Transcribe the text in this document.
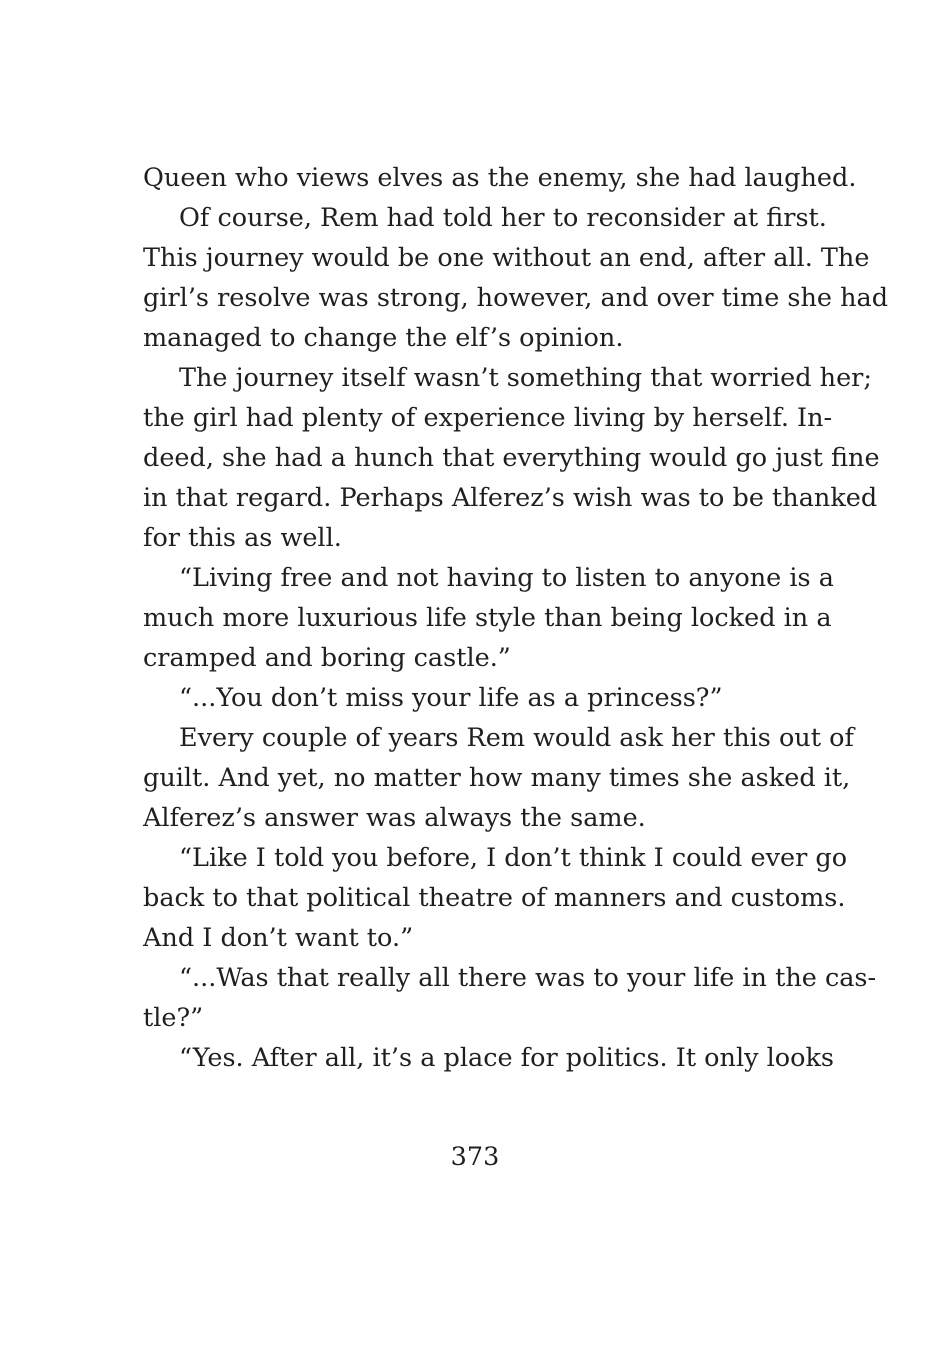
Queen who views elves as the enemy, she had laughed.
Of course, Rem had told her to reconsider at first.
This journey would be one without an end, after all. The
girl’s resolve was strong, however, and over time she had
managed to change the elf’s opinion.
The journey itself wasn’t something that worried her;
the girl had plenty of experience living by herself. In-
deed, she had a hunch that everything would go just fine
in that regard. Perhaps Alferez’s wish was to be thanked
for this as well.
“Living free and not having to listen to anyone is a
much more luxurious life style than being locked in a
cramped and boring castle.”
“...You don’t miss your life as a princess?”
Every couple of years Rem would ask her this out of
guilt. And yet, no matter how many times she asked it,
Alferez’s answer was always the same.
“Like I told you before, I don’t think I could ever go
back to that political theatre of manners and customs.
And I don’t want to.”
“...Was that really all there was to your life in the cas-
tle?”
“Yes. After all, it’s a place for politics. It only looks
373
